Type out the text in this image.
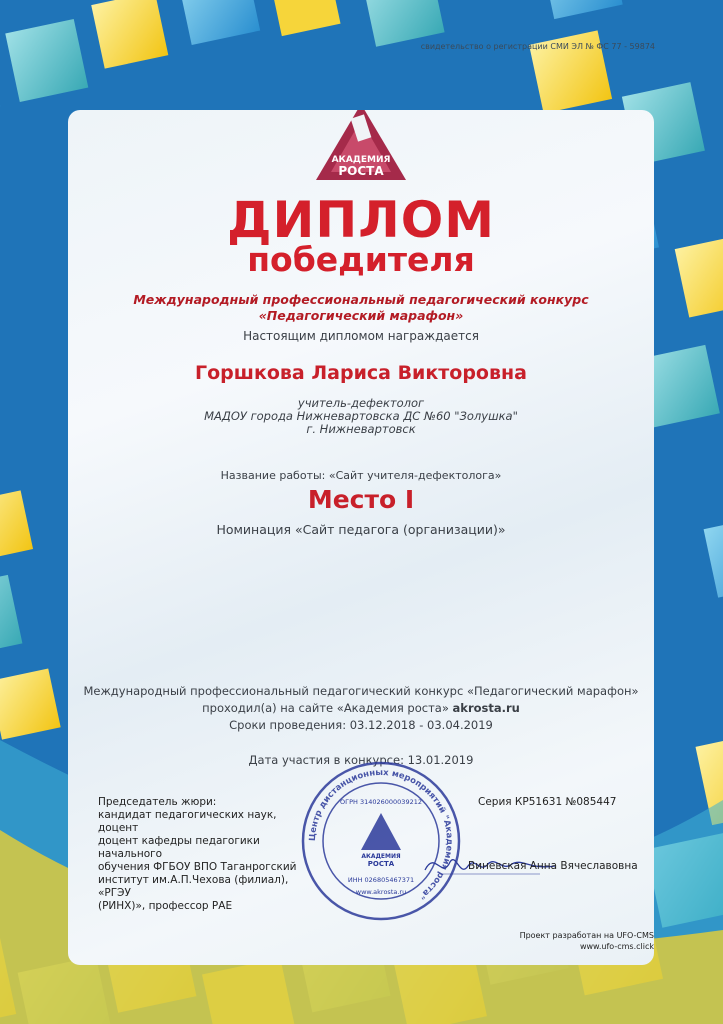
свидетельство о регистрации СМИ ЭЛ № ФС 77 - 59874
АКАДЕМИЯ
РОСТА
ДИПЛОМ
победителя
Международный профессиональный педагогический конкурс
«Педагогический марафон»
Настоящим дипломом награждается
Горшкова Лариса Викторовна
учитель-дефектолог
МАДОУ города Нижневартовска ДС №60 "Золушка"
г. Нижневартовск
Название работы: «Сайт учителя-дефектолога»
Место I
Номинация «Сайт педагога (организации)»
Международный профессиональный педагогический конкурс «Педагогический марафон»
проходил(а) на сайте «Академия роста» akrosta.ru
Сроки проведения: 03.12.2018 - 03.04.2019
Дата участия в конкурсе: 13.01.2019
Председатель жюри:
кандидат педагогических наук, доцент
доцент кафедры педагогики начального
обучения ФГБОУ ВПО Таганрогский
институт им.А.П.Чехова (филиал), «РГЭУ
(РИНХ)», профессор РАЕ
Серия КР51631 №085447
Виневская Анна Вячеславовна
Центр дистанционных мероприятий "Академия роста"
АКАДЕМИЯ
РОСТА
ОГРН 314026000039212
ИНН 026805467371
www.akrosta.ru
Проект разработан на UFO-CMS
www.ufo-cms.click
